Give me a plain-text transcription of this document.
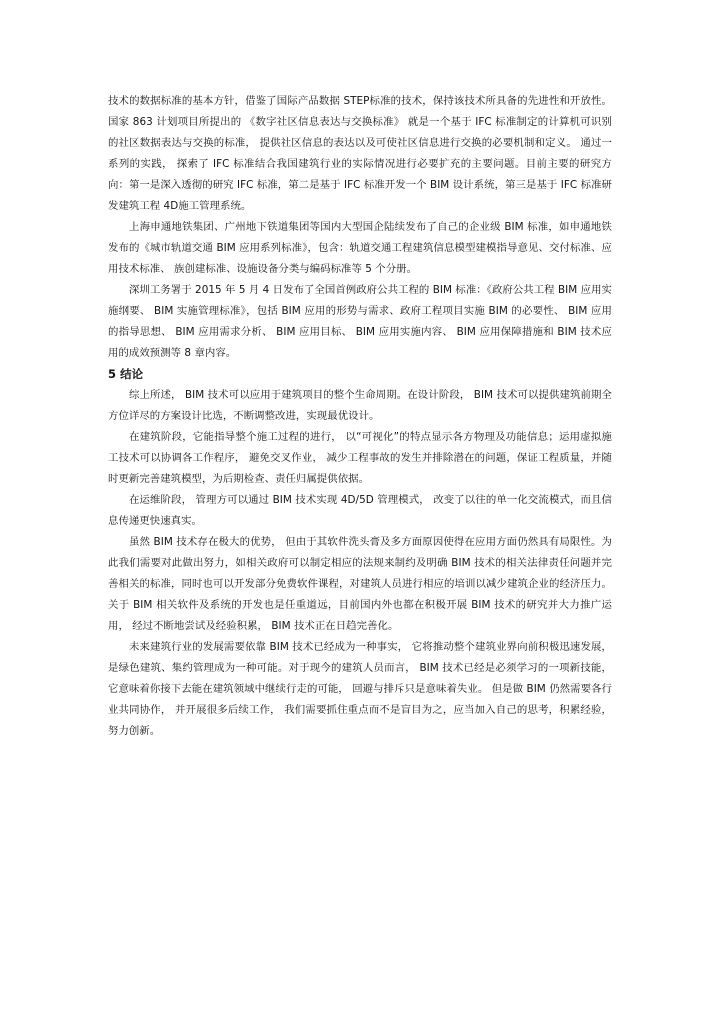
技术的数据标准的基本方针，借鉴了国际产品数据 STEP标准的技术，保持该技术所具备的先进性和开放性。 国家 863 计划项目所提出的 《数字社区信息表达与交换标准》 就是一个基于 IFC 标准制定的计算机可识别的社区数据表达与交换的标准， 提供社区信息的表达以及可使社区信息进行交换的必要机制和定义。 通过一系列的实践， 探索了 IFC 标准结合我国建筑行业的实际情况进行必要扩充的主要问题。目前主要的研究方向：第一是深入透彻的研究 IFC 标准，第二是基于 IFC 标准开发一个 BIM 设计系统，第三是基于 IFC 标准研发建筑工程 4D施工管理系统。

上海申通地铁集团、广州地下铁道集团等国内大型国企陆续发布了自己的企业级 BIM 标准，如申通地铁发布的《城市轨道交通 BIM 应用系列标准》，包含：轨道交通工程建筑信息模型建模指导意见、交付标准、应用技术标准、 族创建标准、设施设备分类与编码标准等 5 个分册。

深圳工务署于 2015 年 5 月 4 日发布了全国首例政府公共工程的 BIM 标准：《政府公共工程 BIM 应用实施纲要、 BIM 实施管理标准》，包括 BIM 应用的形势与需求、政府工程项目实施 BIM 的必要性、 BIM 应用的指导思想、 BIM 应用需求分析、 BIM 应用目标、 BIM 应用实施内容、 BIM 应用保障措施和 BIM 技术应用的成效预测等 8 章内容。

5 结论

综上所述， BIM 技术可以应用于建筑项目的整个生命周期。在设计阶段， BIM 技术可以提供建筑前期全方位详尽的方案设计比选，不断调整改进，实现最优设计。

在建筑阶段，它能指导整个施工过程的进行， 以“可视化”的特点显示各方物理及功能信息；运用虚拟施工技术可以协调各工作程序， 避免交叉作业， 减少工程事故的发生并排除潜在的问题，保证工程质量，并随时更新完善建筑模型，为后期检查、责任归属提供依据。

在运维阶段， 管理方可以通过 BIM 技术实现 4D/5D 管理模式， 改变了以往的单一化交流模式，而且信息传递更快速真实。

虽然 BIM 技术存在极大的优势， 但由于其软件洗头膏及多方面原因使得在应用方面仍然具有局限性。为此我们需要对此做出努力，如相关政府可以制定相应的法规来制约及明确 BIM 技术的相关法律责任问题并完善相关的标准，同时也可以开发部分免费软件课程，对建筑人员进行相应的培训以减少建筑企业的经济压力。 关于 BIM 相关软件及系统的开发也是任重道远，目前国内外也都在积极开展 BIM 技术的研究并大力推广运用， 经过不断地尝试及经验积累， BIM 技术正在日趋完善化。

未来建筑行业的发展需要依靠 BIM 技术已经成为一种事实， 它将推动整个建筑业界向前积极迅速发展，是绿色建筑、集约管理成为一种可能。对于现今的建筑人员而言， BIM 技术已经是必须学习的一项新技能， 它意味着你接下去能在建筑领域中继续行走的可能， 回避与排斥只是意味着失业。 但是做 BIM 仍然需要各行业共同协作， 并开展很多后续工作， 我们需要抓住重点而不是盲目为之，应当加入自己的思考，积累经验，努力创新。
